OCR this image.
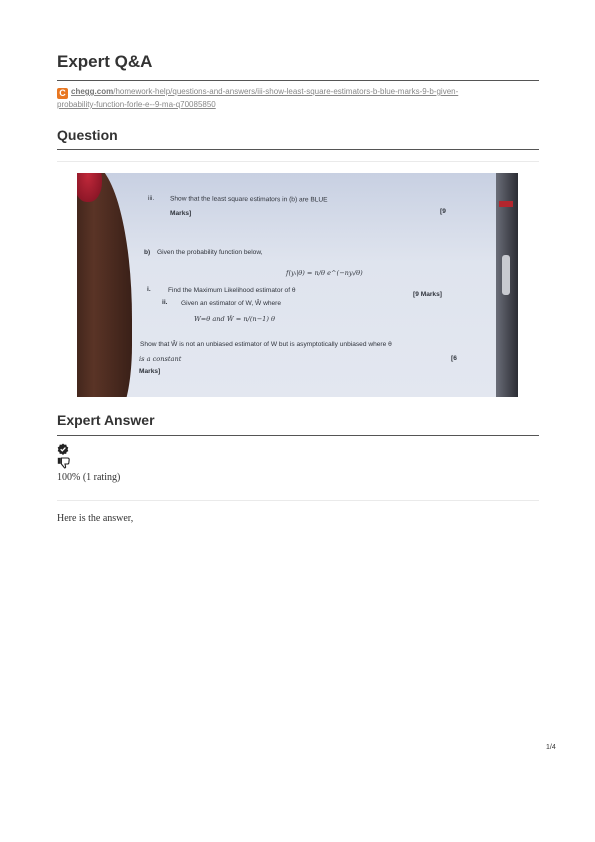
Expert Q&A
C chegg.com/homework-help/questions-and-answers/iii-show-least-square-estimators-b-blue-marks-9-b-given-
probability-function-forle-e--9-ma-q70085850
Question
iii. Show that the least square estimators in (b) are BLUE
[9
Marks]
b) Given the probability function below,
f(yᵢ|θ) = n/θ e^(−nyᵢ/θ)
i.	Find the Maximum Likelihood estimator of θ
[9 Marks]
ii. Given an estimator of W, Ŵ where
W=θ and Ŵ = n/(n−1) θ
Show that Ŵ is not an unbiased estimator of W but is asymptotically unbiased where θ
is a constant	[6
Marks]
Expert Answer
100% (1 rating)
Here is the answer,
1/4
